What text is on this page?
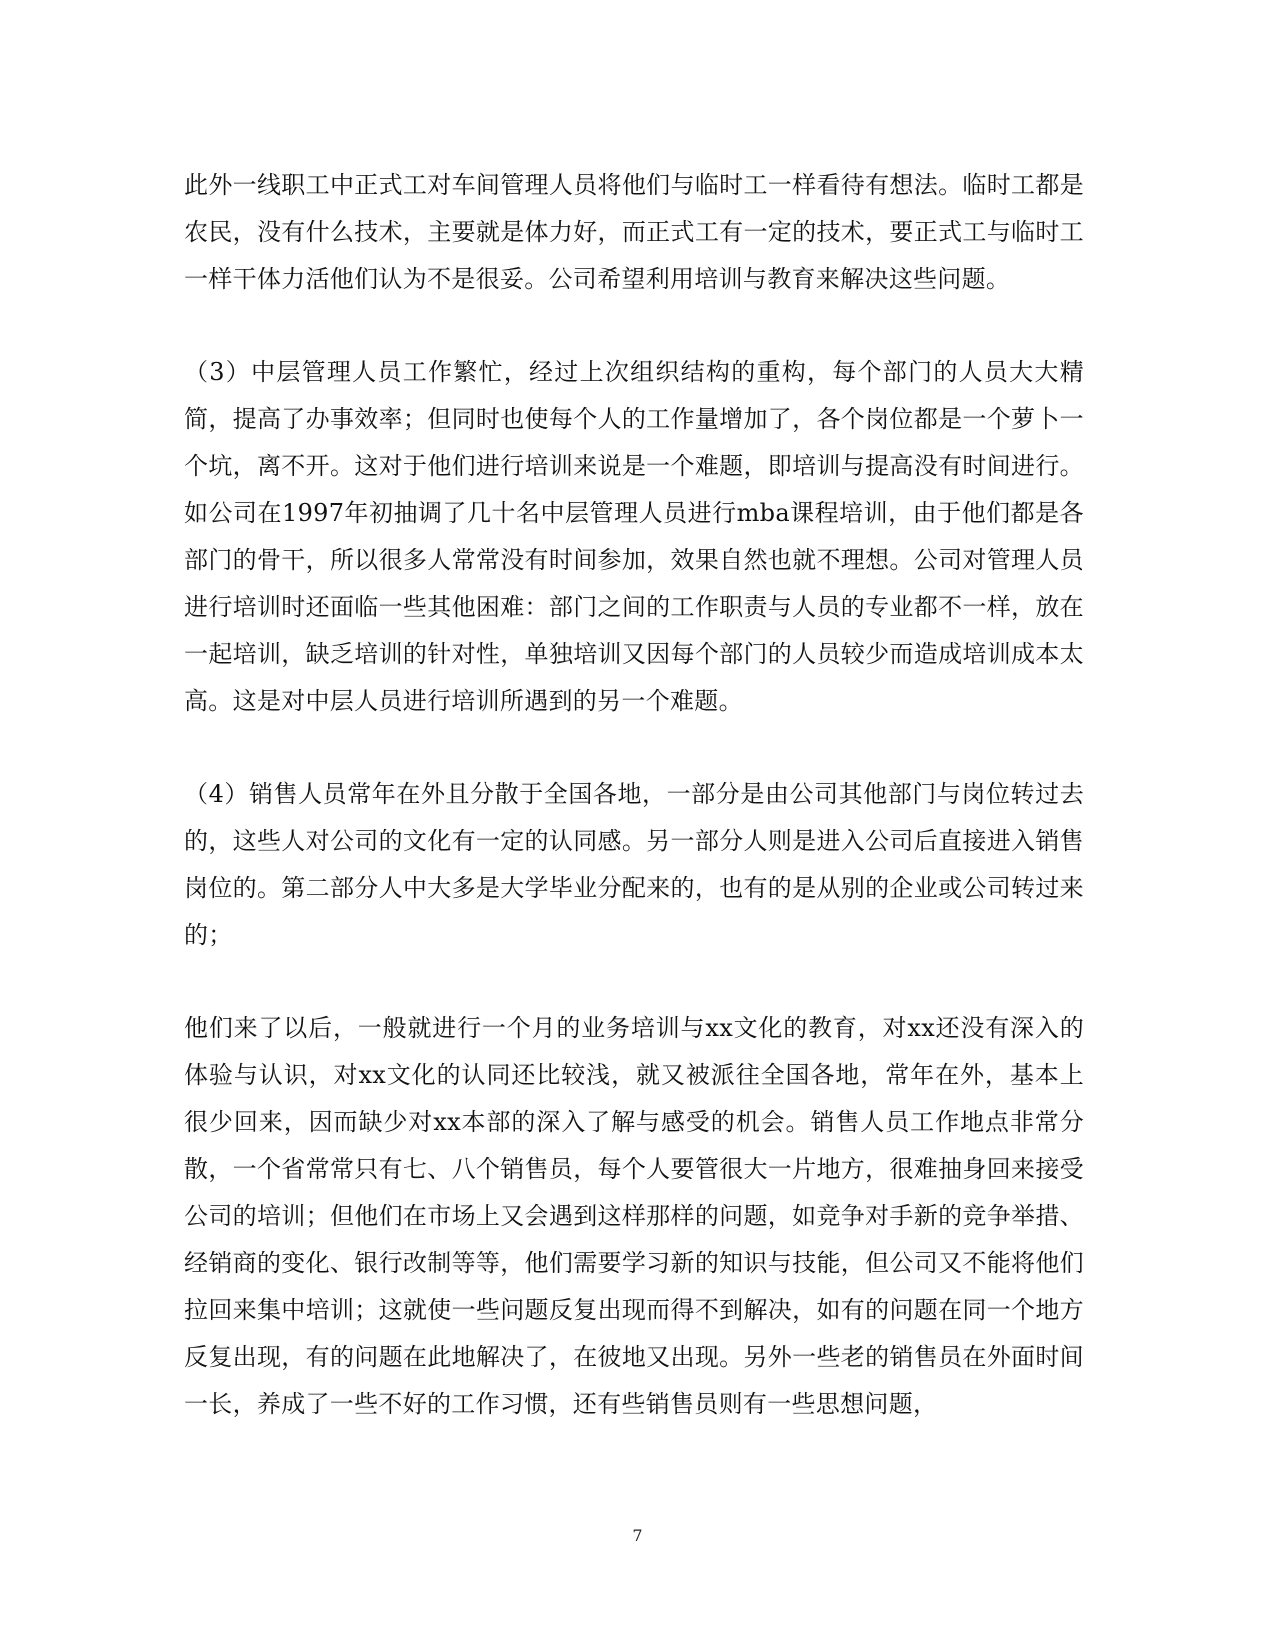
此外一线职工中正式工对车间管理人员将他们与临时工一样看待有想法。临时工都是农民，没有什么技术，主要就是体力好，而正式工有一定的技术，要正式工与临时工一样干体力活他们认为不是很妥。公司希望利用培训与教育来解决这些问题。

（3）中层管理人员工作繁忙，经过上次组织结构的重构，每个部门的人员大大精简，提高了办事效率；但同时也使每个人的工作量增加了，各个岗位都是一个萝卜一个坑，离不开。这对于他们进行培训来说是一个难题，即培训与提高没有时间进行。如公司在1997年初抽调了几十名中层管理人员进行mba课程培训，由于他们都是各部门的骨干，所以很多人常常没有时间参加，效果自然也就不理想。公司对管理人员进行培训时还面临一些其他困难：部门之间的工作职责与人员的专业都不一样，放在一起培训，缺乏培训的针对性，单独培训又因每个部门的人员较少而造成培训成本太高。这是对中层人员进行培训所遇到的另一个难题。

（4）销售人员常年在外且分散于全国各地，一部分是由公司其他部门与岗位转过去的，这些人对公司的文化有一定的认同感。另一部分人则是进入公司后直接进入销售岗位的。第二部分人中大多是大学毕业分配来的，也有的是从别的企业或公司转过来的；

他们来了以后，一般就进行一个月的业务培训与xx文化的教育，对xx还没有深入的体验与认识，对xx文化的认同还比较浅，就又被派往全国各地，常年在外，基本上很少回来，因而缺少对xx本部的深入了解与感受的机会。销售人员工作地点非常分散，一个省常常只有七、八个销售员，每个人要管很大一片地方，很难抽身回来接受公司的培训；但他们在市场上又会遇到这样那样的问题，如竞争对手新的竞争举措、经销商的变化、银行改制等等，他们需要学习新的知识与技能，但公司又不能将他们拉回来集中培训；这就使一些问题反复出现而得不到解决，如有的问题在同一个地方反复出现，有的问题在此地解决了，在彼地又出现。另外一些老的销售员在外面时间一长，养成了一些不好的工作习惯，还有些销售员则有一些思想问题，

7
